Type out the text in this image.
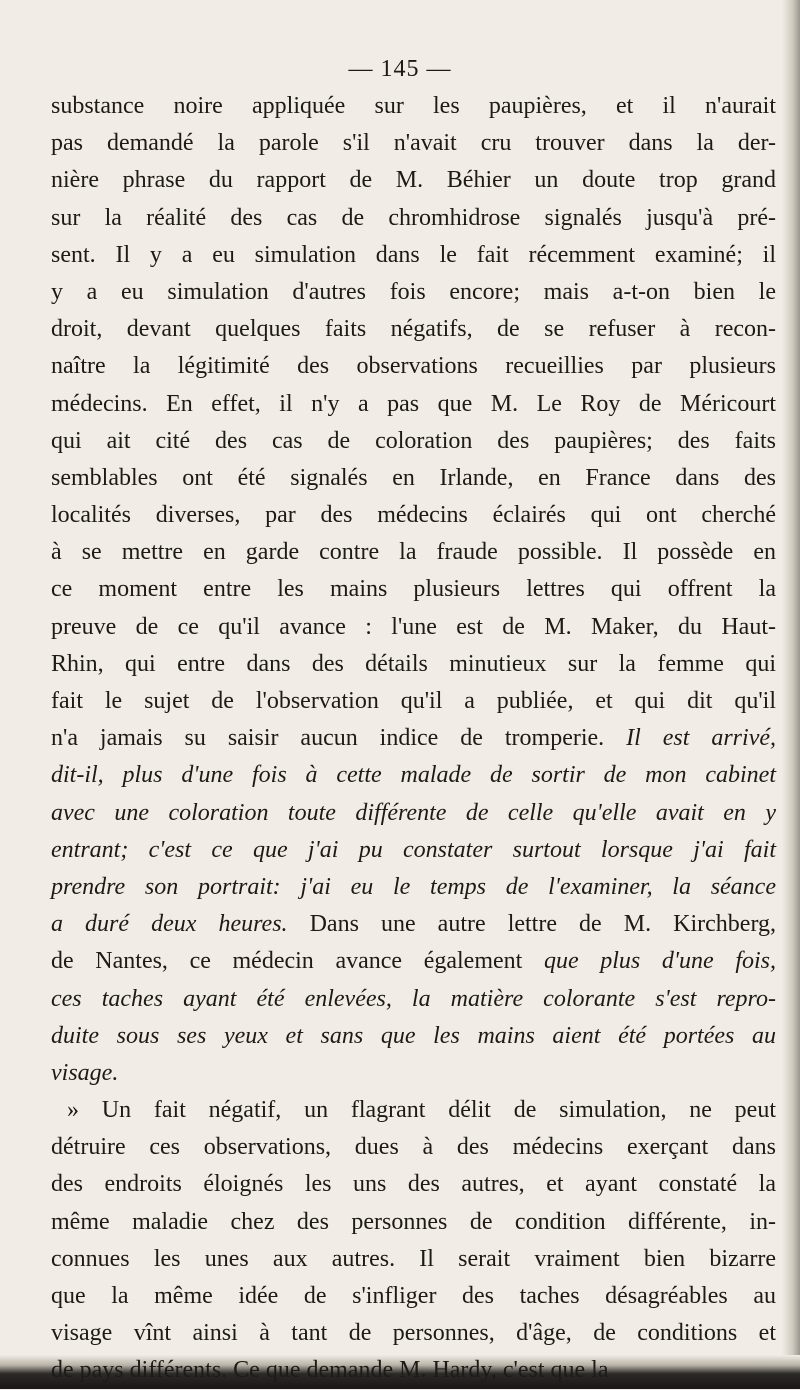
— 145 —
substance noire appliquée sur les paupières, et il n'aurait
pas demandé la parole s'il n'avait cru trouver dans la der-
nière phrase du rapport de M. Béhier un doute trop grand
sur la réalité des cas de chromhidrose signalés jusqu'à pré-
sent. Il y a eu simulation dans le fait récemment examiné; il
y a eu simulation d'autres fois encore; mais a-t-on bien le
droit, devant quelques faits négatifs, de se refuser à recon-
naître la légitimité des observations recueillies par plusieurs
médecins. En effet, il n'y a pas que M. Le Roy de Méricourt
qui ait cité des cas de coloration des paupières; des faits
semblables ont été signalés en Irlande, en France dans des
localités diverses, par des médecins éclairés qui ont cherché
à se mettre en garde contre la fraude possible. Il possède en
ce moment entre les mains plusieurs lettres qui offrent la
preuve de ce qu'il avance : l'une est de M. Maker, du Haut-
Rhin, qui entre dans des détails minutieux sur la femme qui
fait le sujet de l'observation qu'il a publiée, et qui dit qu'il
n'a jamais su saisir aucun indice de tromperie. Il est arrivé,
dit-il, plus d'une fois à cette malade de sortir de mon cabinet
avec une coloration toute différente de celle qu'elle avait en y
entrant; c'est ce que j'ai pu constater surtout lorsque j'ai fait
prendre son portrait: j'ai eu le temps de l'examiner, la séance
a duré deux heures. Dans une autre lettre de M. Kirchberg,
de Nantes, ce médecin avance également que plus d'une fois,
ces taches ayant été enlevées, la matière colorante s'est repro-
duite sous ses yeux et sans que les mains aient été portées au
visage.
» Un fait négatif, un flagrant délit de simulation, ne peut
détruire ces observations, dues à des médecins exerçant dans
des endroits éloignés les uns des autres, et ayant constaté la
même maladie chez des personnes de condition différente, in-
connues les unes aux autres. Il serait vraiment bien bizarre
que la même idée de s'infliger des taches désagréables au
visage vînt ainsi à tant de personnes, d'âge, de conditions et
de pays différents. Ce que demande M. Hardy, c'est que la
